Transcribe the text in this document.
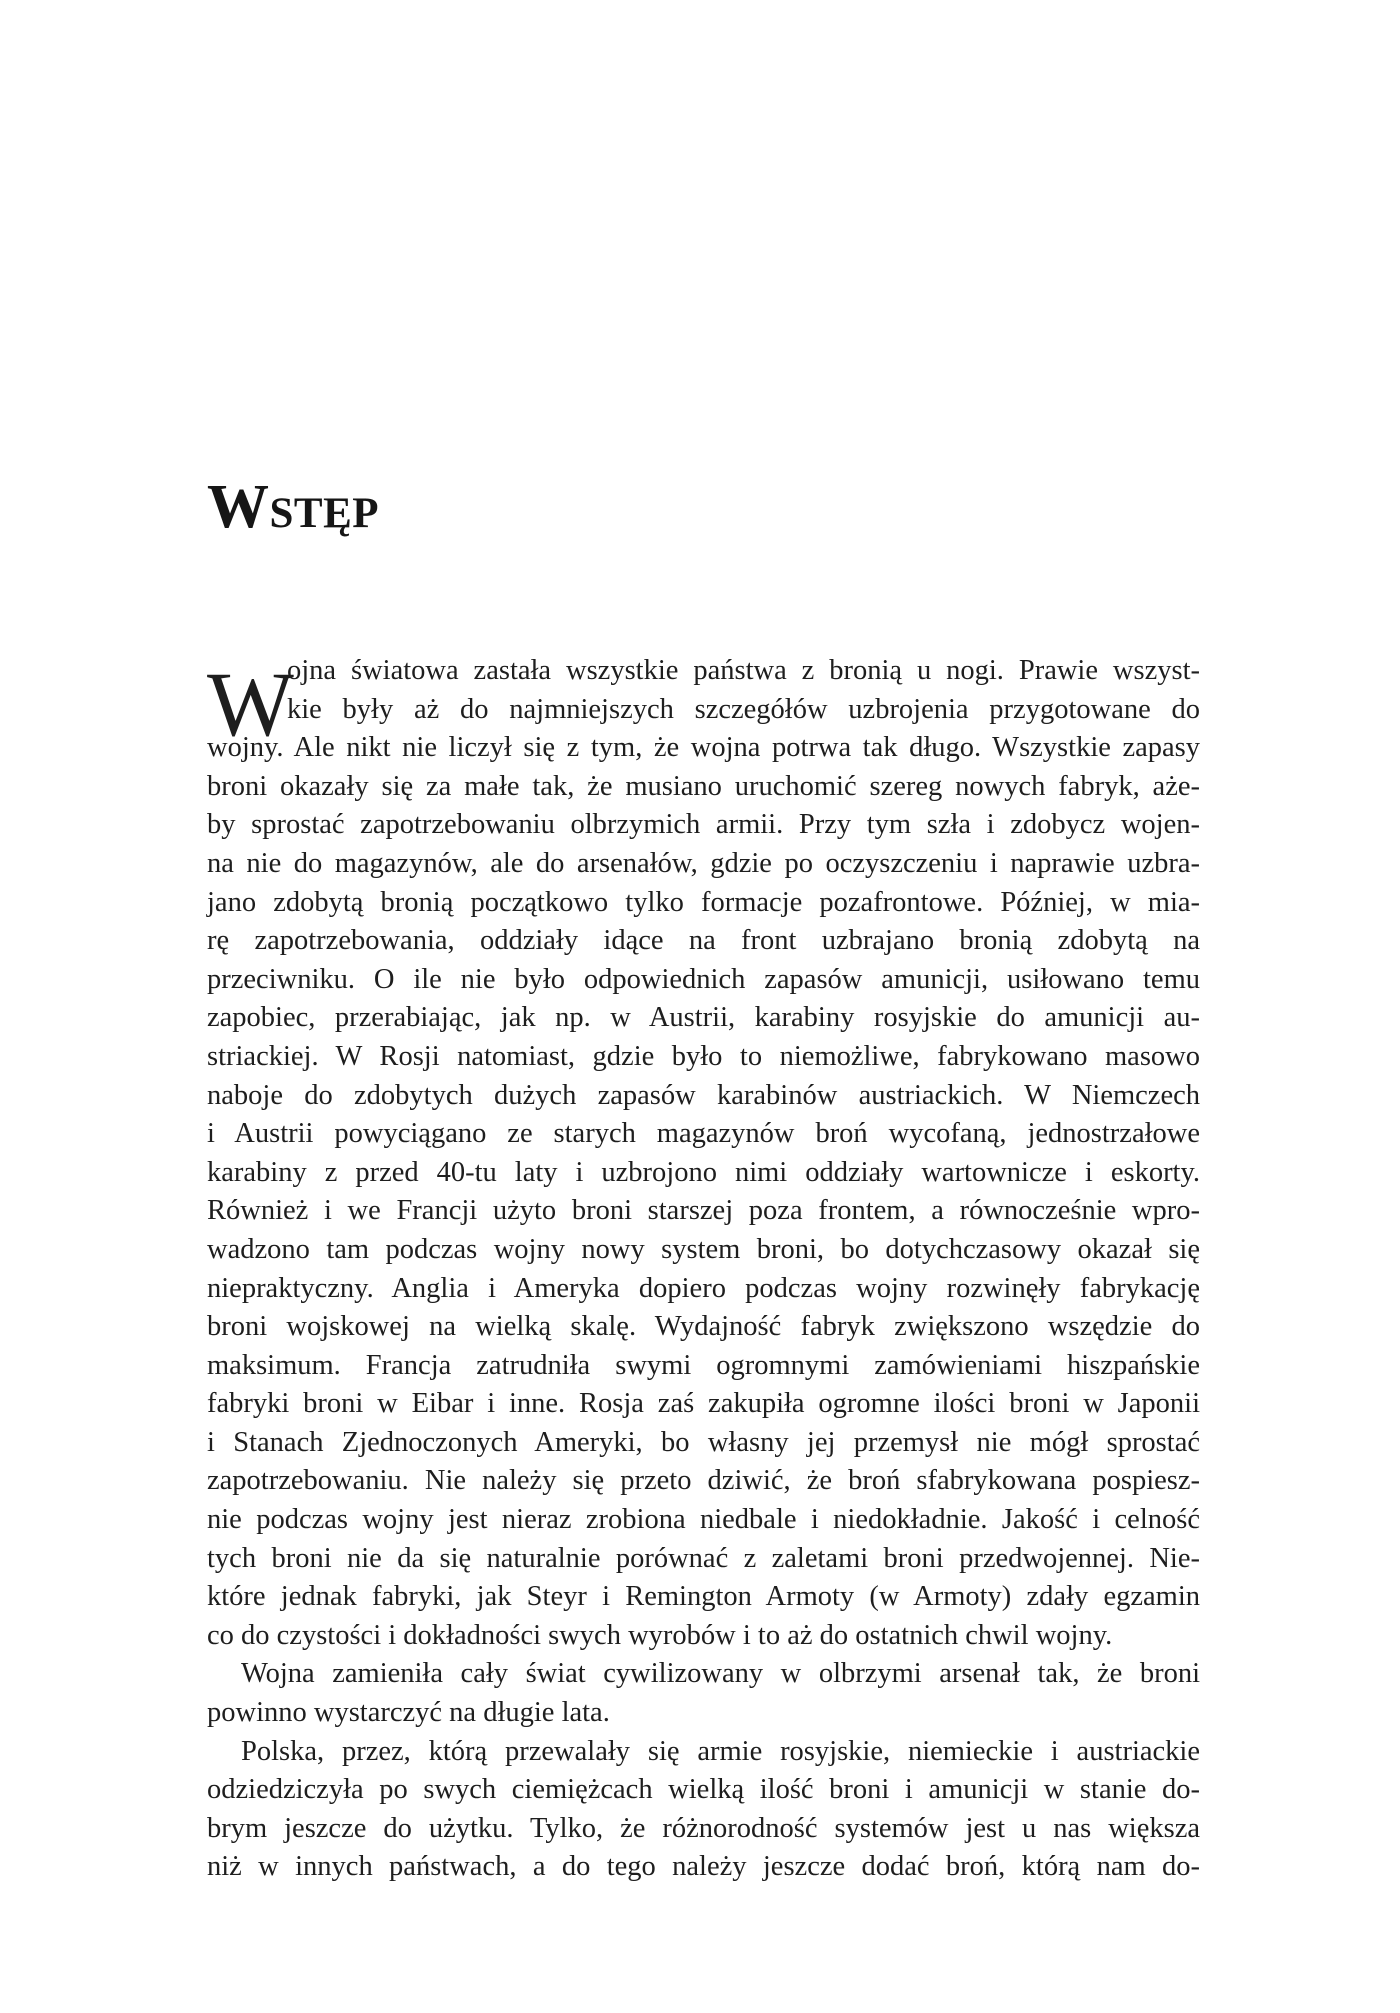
Wstęp
W
ojna światowa zastała wszystkie państwa z bronią u nogi. Prawie wszyst-
kie były aż do najmniejszych szczegółów uzbrojenia przygotowane do
wojny. Ale nikt nie liczył się z tym, że wojna potrwa tak długo. Wszystkie zapasy
broni okazały się za małe tak, że musiano uruchomić szereg nowych fabryk, aże-
by sprostać zapotrzebowaniu olbrzymich armii. Przy tym szła i zdobycz wojen-
na nie do magazynów, ale do arsenałów, gdzie po oczyszczeniu i naprawie uzbra-
jano zdobytą bronią początkowo tylko formacje pozafrontowe. Później, w mia-
rę zapotrzebowania, oddziały idące na front uzbrajano bronią zdobytą na
przeciwniku. O ile nie było odpowiednich zapasów amunicji, usiłowano temu
zapobiec, przerabiając, jak np. w Austrii, karabiny rosyjskie do amunicji au-
striackiej. W Rosji natomiast, gdzie było to niemożliwe, fabrykowano masowo
naboje do zdobytych dużych zapasów karabinów austriackich. W Niemczech
i Austrii powyciągano ze starych magazynów broń wycofaną, jednostrzałowe
karabiny z przed 40-tu laty i uzbrojono nimi oddziały wartownicze i eskorty.
Również i we Francji użyto broni starszej poza frontem, a równocześnie wpro-
wadzono tam podczas wojny nowy system broni, bo dotychczasowy okazał się
niepraktyczny. Anglia i Ameryka dopiero podczas wojny rozwinęły fabrykację
broni wojskowej na wielką skalę. Wydajność fabryk zwiększono wszędzie do
maksimum. Francja zatrudniła swymi ogromnymi zamówieniami hiszpańskie
fabryki broni w Eibar i inne. Rosja zaś zakupiła ogromne ilości broni w Japonii
i Stanach Zjednoczonych Ameryki, bo własny jej przemysł nie mógł sprostać
zapotrzebowaniu. Nie należy się przeto dziwić, że broń sfabrykowana pospiesz-
nie podczas wojny jest nieraz zrobiona niedbale i niedokładnie. Jakość i celność
tych broni nie da się naturalnie porównać z zaletami broni przedwojennej. Nie-
które jednak fabryki, jak Steyr i Remington Armoty (w Armoty) zdały egzamin
co do czystości i dokładności swych wyrobów i to aż do ostatnich chwil wojny.
Wojna zamieniła cały świat cywilizowany w olbrzymi arsenał tak, że broni
powinno wystarczyć na długie lata.
Polska, przez, którą przewalały się armie rosyjskie, niemieckie i austriackie
odziedziczyła po swych ciemiężcach wielką ilość broni i amunicji w stanie do-
brym jeszcze do użytku. Tylko, że różnorodność systemów jest u nas większa
niż w innych państwach, a do tego należy jeszcze dodać broń, którą nam do-
